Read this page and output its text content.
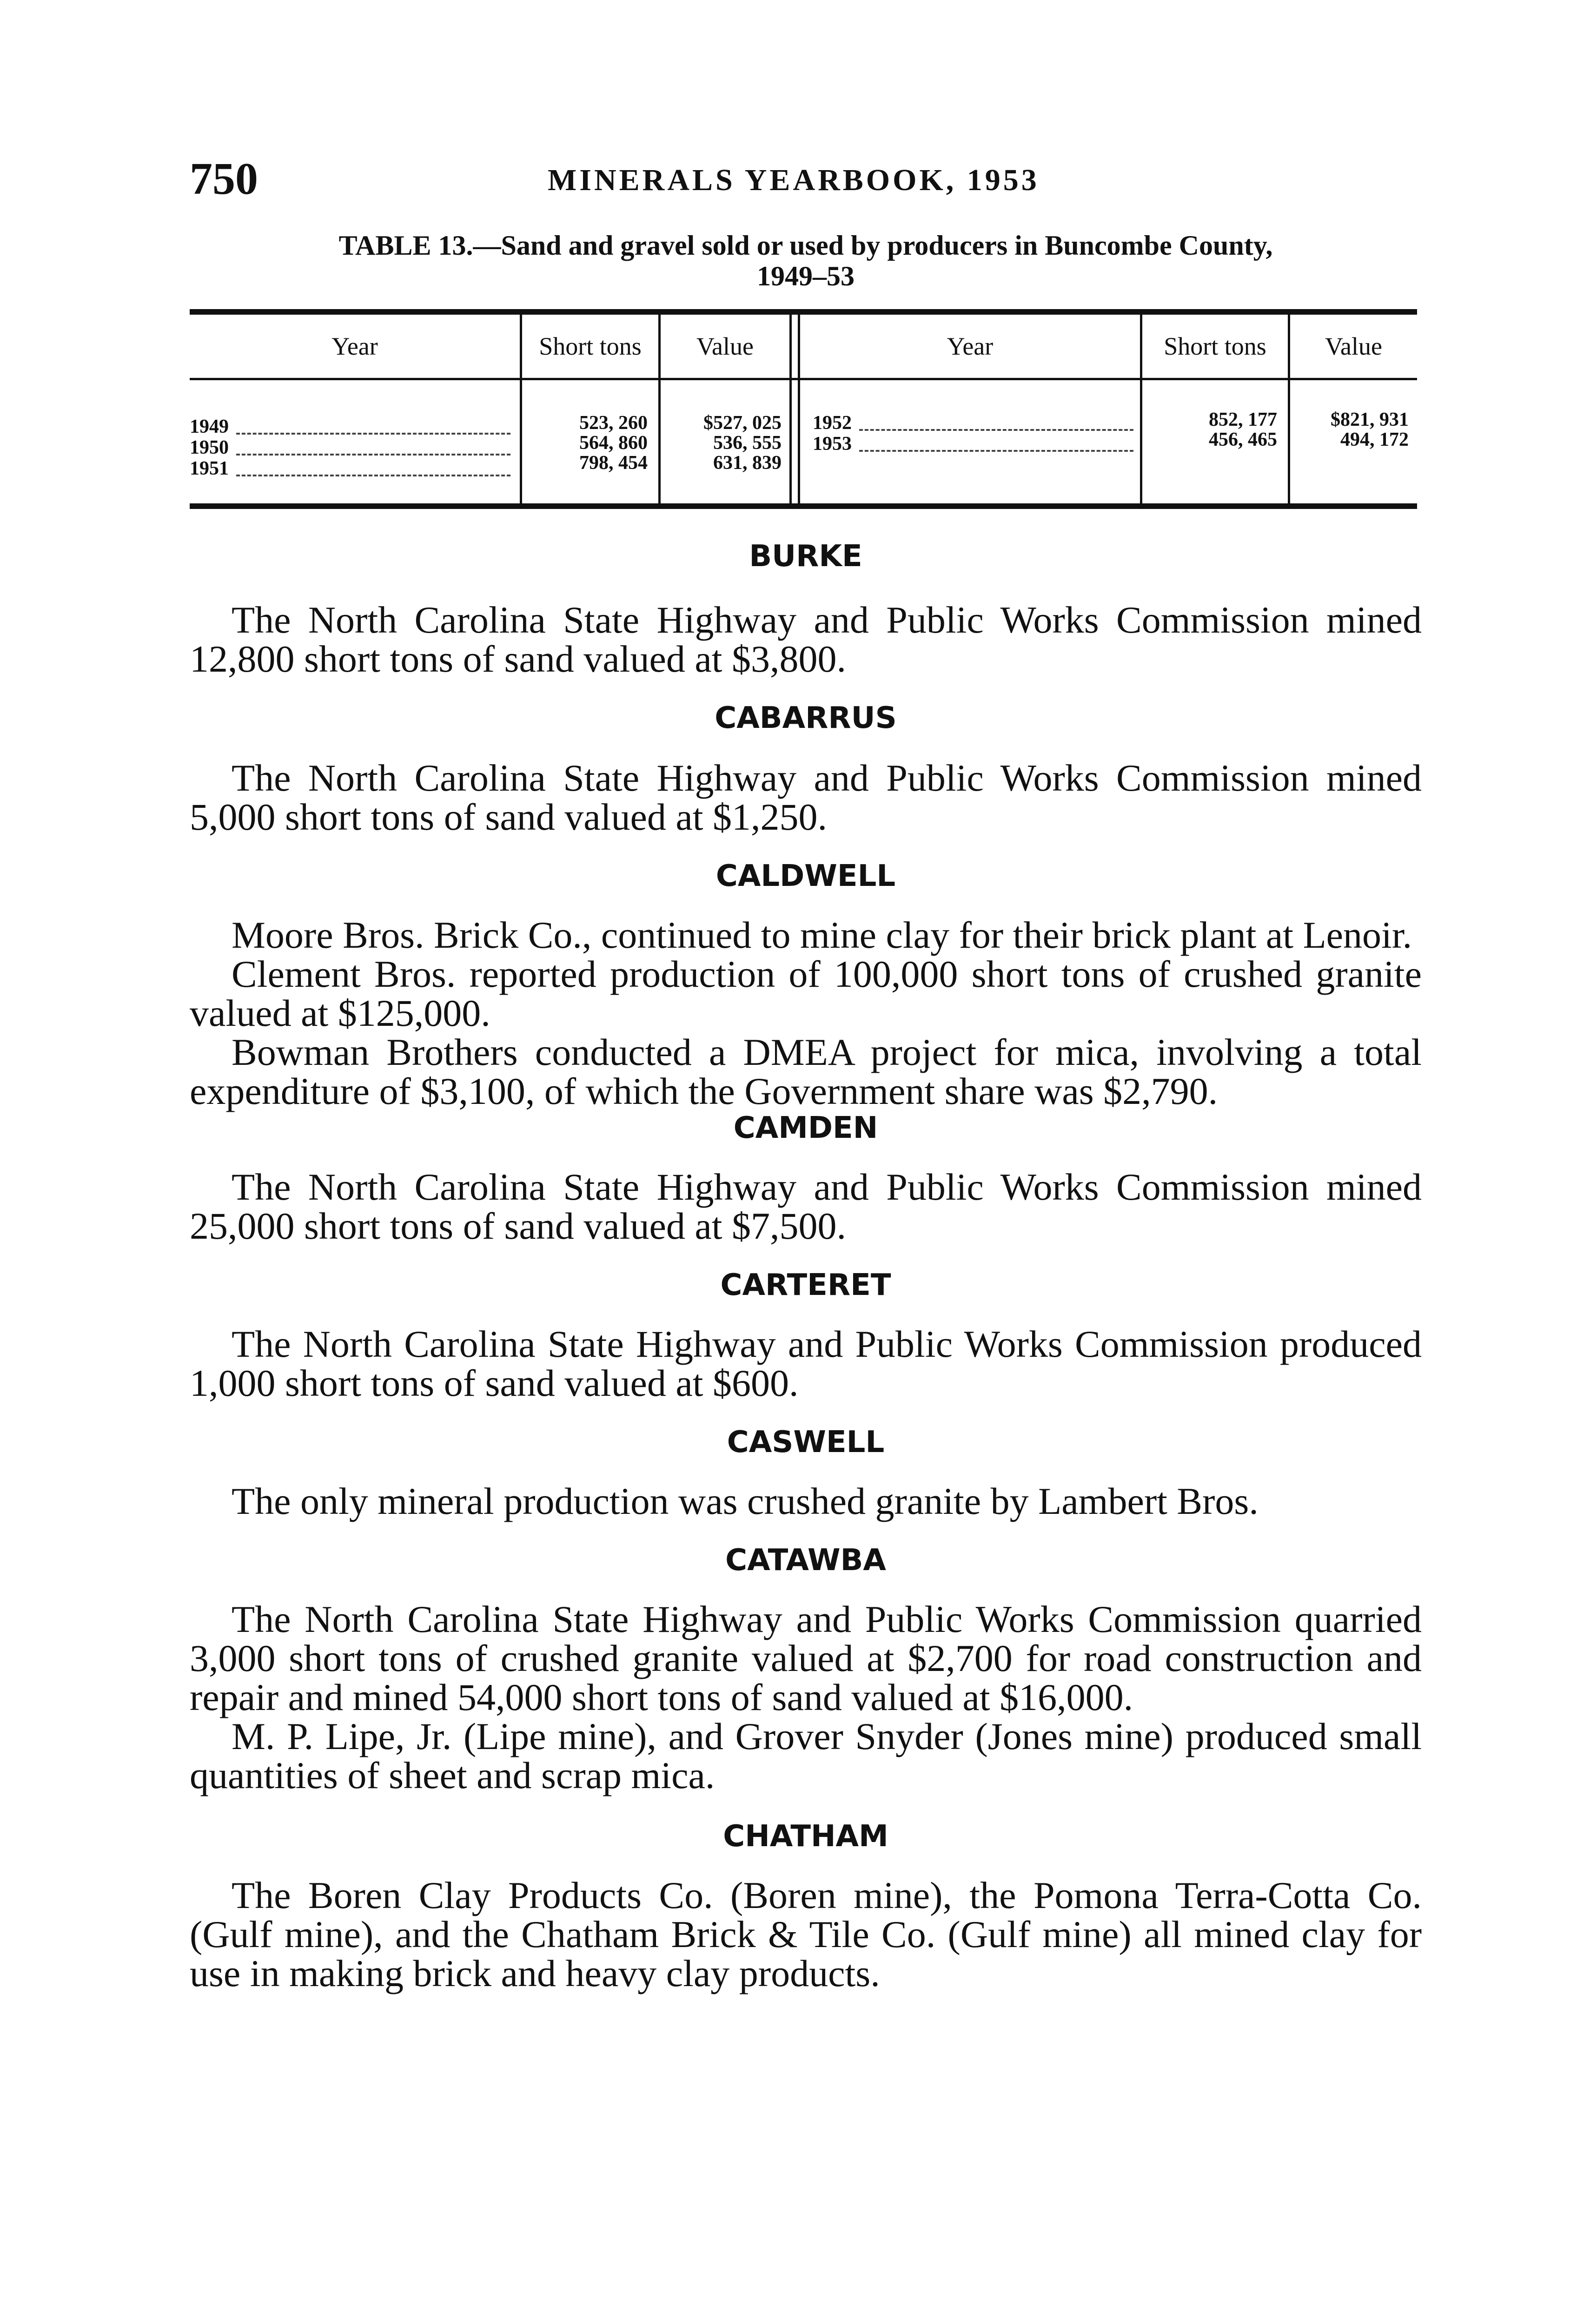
750	MINERALS YEARBOOK, 1953
TABLE 13.—Sand and gravel sold or used by producers in Buncombe County,
1949–53
Year	Short tons	Value	Year	Short tons	Value
1949	523, 260	$527, 025
1950	564, 860	536, 555
1951	798, 454	631, 839
1952	852, 177	$821, 931
1953	456, 465	494, 172
BURKE

The North Carolina State Highway and Public Works Commission mined 12,800 short tons of sand valued at $3,800.

CABARRUS

The North Carolina State Highway and Public Works Commission mined 5,000 short tons of sand valued at $1,250.

CALDWELL

Moore Bros. Brick Co., continued to mine clay for their brick plant at Lenoir.

Clement Bros. reported production of 100,000 short tons of crushed granite valued at $125,000.

Bowman Brothers conducted a DMEA project for mica, involving a total expenditure of $3,100, of which the Government share was $2,790.

CAMDEN

The North Carolina State Highway and Public Works Commission mined 25,000 short tons of sand valued at $7,500.

CARTERET

The North Carolina State Highway and Public Works Commission produced 1,000 short tons of sand valued at $600.

CASWELL

The only mineral production was crushed granite by Lambert Bros.

CATAWBA

The North Carolina State Highway and Public Works Commission quarried 3,000 short tons of crushed granite valued at $2,700 for road construction and repair and mined 54,000 short tons of sand valued at $16,000.

M. P. Lipe, Jr. (Lipe mine), and Grover Snyder (Jones mine) produced small quantities of sheet and scrap mica.

CHATHAM

The Boren Clay Products Co. (Boren mine), the Pomona Terra-Cotta Co. (Gulf mine), and the Chatham Brick & Tile Co. (Gulf mine) all mined clay for use in making brick and heavy clay products.
